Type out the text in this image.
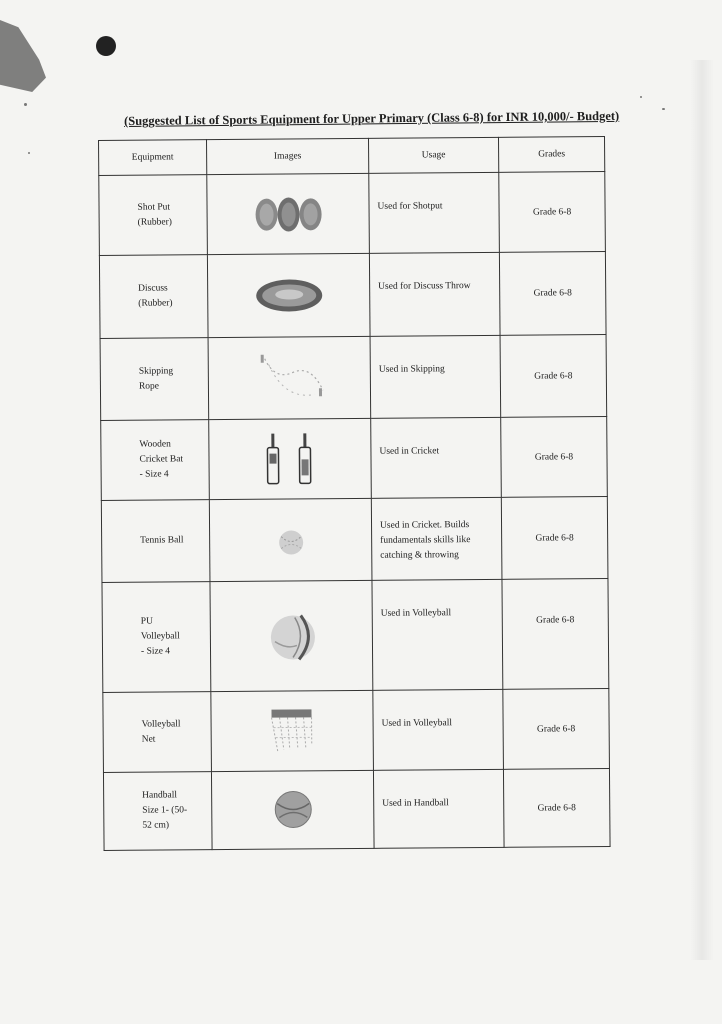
(Suggested List of Sports Equipment for Upper Primary (Class 6-8) for INR 10,000/- Budget)
Equipment	Images	Usage	Grades
Shot Put
(Rubber)		Used for Shotput	Grade 6-8
Discuss
(Rubber)		Used for Discuss Throw	Grade 6-8
Skipping
Rope		Used in Skipping	Grade 6-8
Wooden
Cricket Bat
- Size 4		Used in Cricket	Grade 6-8
Tennis Ball		Used in Cricket. Builds
fundamentals skills like
catching & throwing	Grade 6-8
PU
Volleyball
- Size 4		Used in Volleyball	Grade 6-8
Volleyball
Net		Used in Volleyball	Grade 6-8
Handball
Size 1- (50-
52 cm)		Used in Handball	Grade 6-8
